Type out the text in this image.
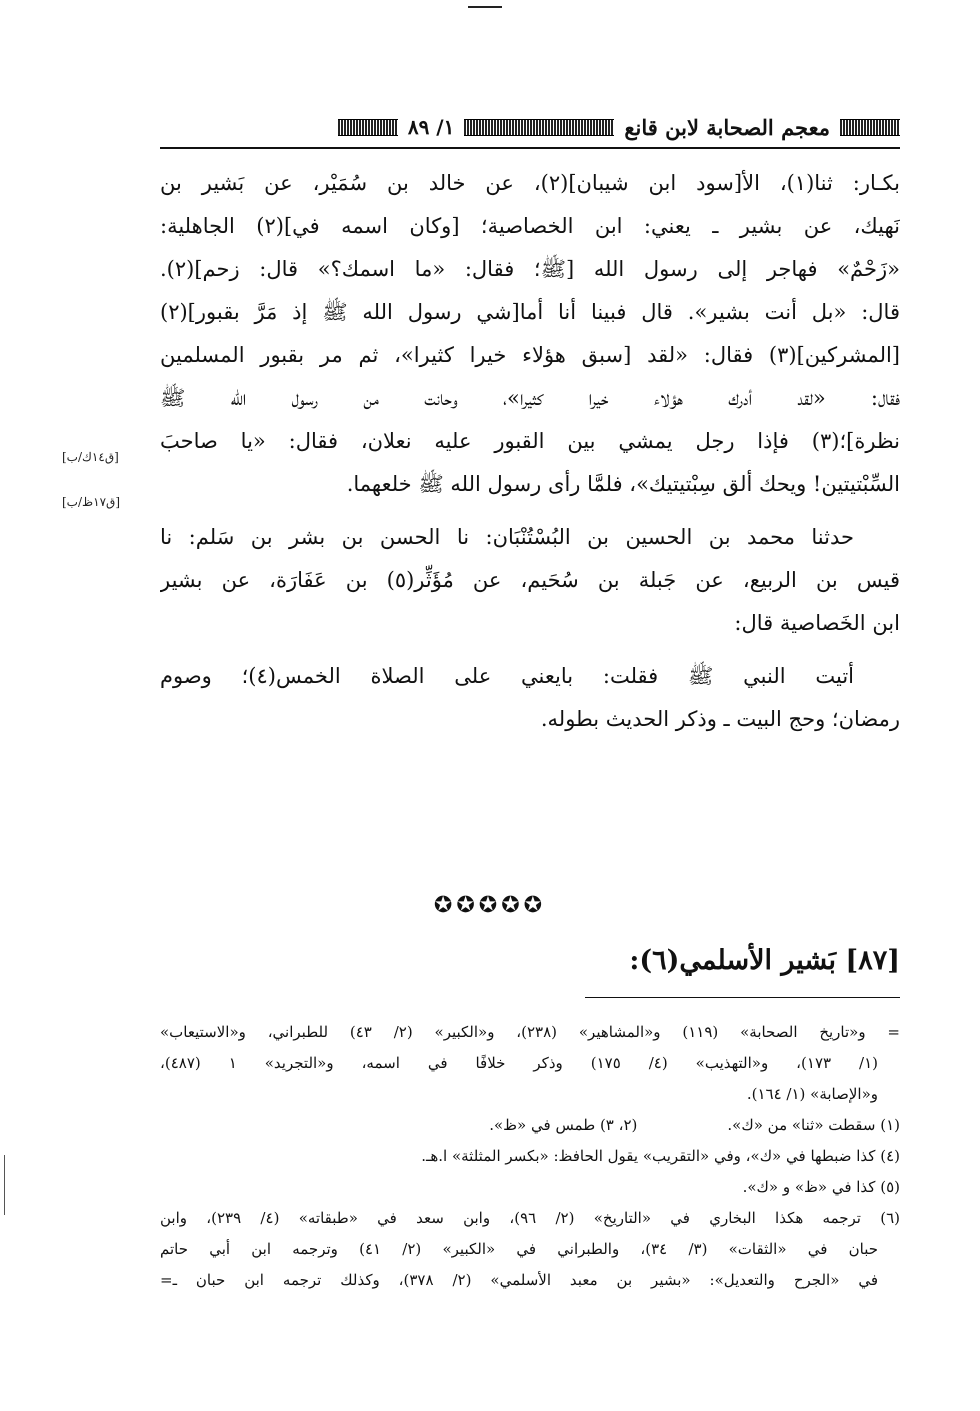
معجم الصحابة لابن قانع
١/ ٨٩
بكـار: ثنا(١)، الأ[سود ابن شيبان](٢)، عن خالد بن سُمَيْر، عن بَشير بن
نَهيك، عن بشير ـ يعني: ابن الخصاصية؛ [وكان اسمه في](٢) الجاهلية:
«زَحْمٌ» فهاجر إلى رسول الله [ﷺ؛ فقال: «ما اسمك؟» قال: زحم](٢).
قال: «بل أنت بشير». قال فبينا أنا أما[شي رسول الله ﷺ إذ مَرَّ بقبور](٢)
[المشركين](٣) فقال: «لقد [سبق هؤلاء خيرا كثيرا»، ثم مر بقبور المسلمين
فقال: «لقد أدرك هؤلاء خيرا كثيرا»، وحانت من رسول الله ﷺ
نظرة]؛(٣) فإذا رجل يمشي بين القبور عليه نعلان، فقال: «يا صاحبَ
السِّبْتيتين! ويحك ألق سِبْتيتيك»، فلمَّا رأى رسول الله ﷺ خلعهما.
حدثنا محمد بن الحسين بن البُسْتُنْبَان: نا الحسن بن بشر بن سَلم: نا
قيس بن الربيع، عن جَبلة بن سُحَيم، عن مُؤَثِّر(٥) بن عَفَارَة، عن بشير
ابن الخَصاصية قال:
أتيت النبي ﷺ فقلت: بايعني على الصلاة الخمس(٤)؛ وصوم
رمضان؛ وحج البيت ـ وذكر الحديث بطوله.
[ق١٤ك/ب]
[ق١٧ظ/ب]
✪✪✪✪✪
[٨٧] بَشير الأسلمي(٦):
= و«تاريخ الصحابة» (١١٩) و«المشاهير» (٢٣٨)، و«الكبير» (٢/ ٤٣) للطبراني، و«الاستيعاب»
(١/ ١٧٣)، و«التهذيب» (٤/ ١٧٥) وذكر خلافًا في اسمه، و«التجريد» ١ (٤٨٧)،
و«الإصابة» (١/ ١٦٤).
(١) سقطت «ثنا» من «ك».
(٢، ٣) طمس في «ظ».
(٤) كذا ضبطها في «ك»، وفي «التقريب» يقول الحافظ: «بكسر المثلثة» ا.هـ.
(٥) كذا في «ظ» و «ك».
(٦) ترجمه هكذا البخاري في «التاريخ» (٢/ ٩٦)، وابن سعد في «طبقاته» (٤/ ٢٣٩)، وابن
حبان في «الثقات» (٣/ ٣٤)، والطبراني في «الكبير» (٢/ ٤١) وترجمه ابن أبي حاتم
في «الجرح والتعديل»: «بشير بن معبد الأسلمي» (٢/ ٣٧٨)، وكذلك ترجمه ابن حبان ـ=
